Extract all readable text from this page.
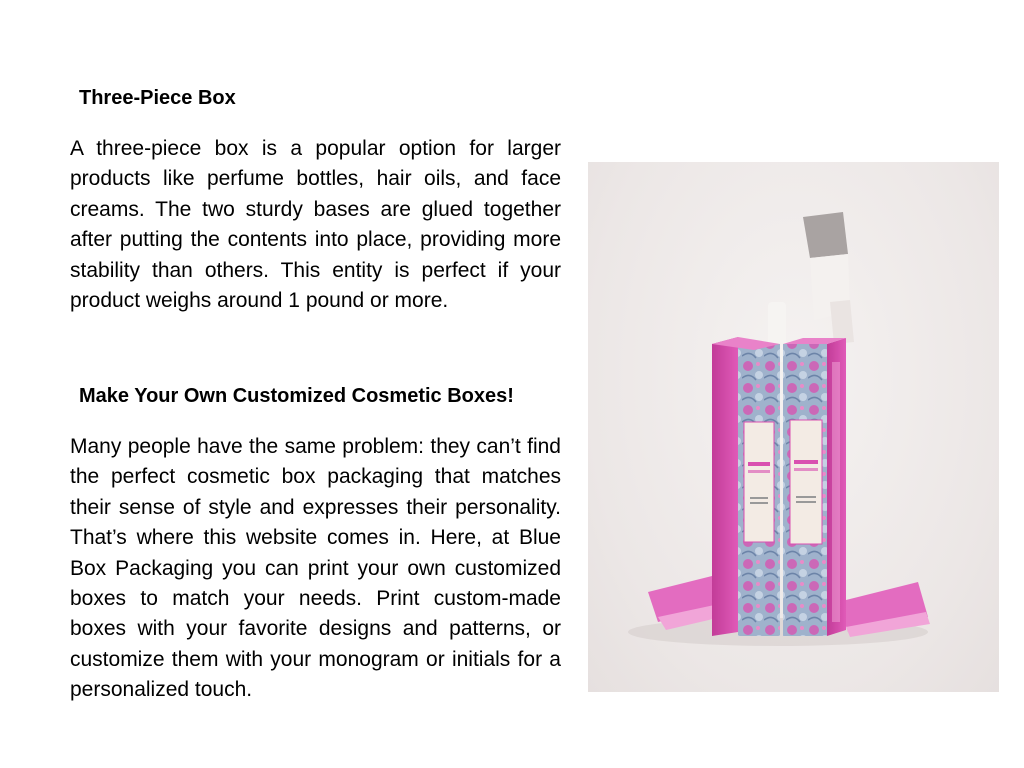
Three-Piece Box

A three-piece box is a popular option for larger products like perfume bottles, hair oils, and face creams. The two sturdy bases are glued together after putting the contents into place, providing more stability than others. This entity is perfect if your product weighs around 1 pound or more.

Make Your Own Customized Cosmetic Boxes!

Many people have the same problem: they can’t find the perfect cosmetic box packaging that matches their sense of style and expresses their personality. That’s where this website comes in. Here, at Blue Box Packaging you can print your own customized boxes to match your needs. Print custom-made boxes with your favorite designs and patterns, or customize them with your monogram or initials for a personalized touch.
